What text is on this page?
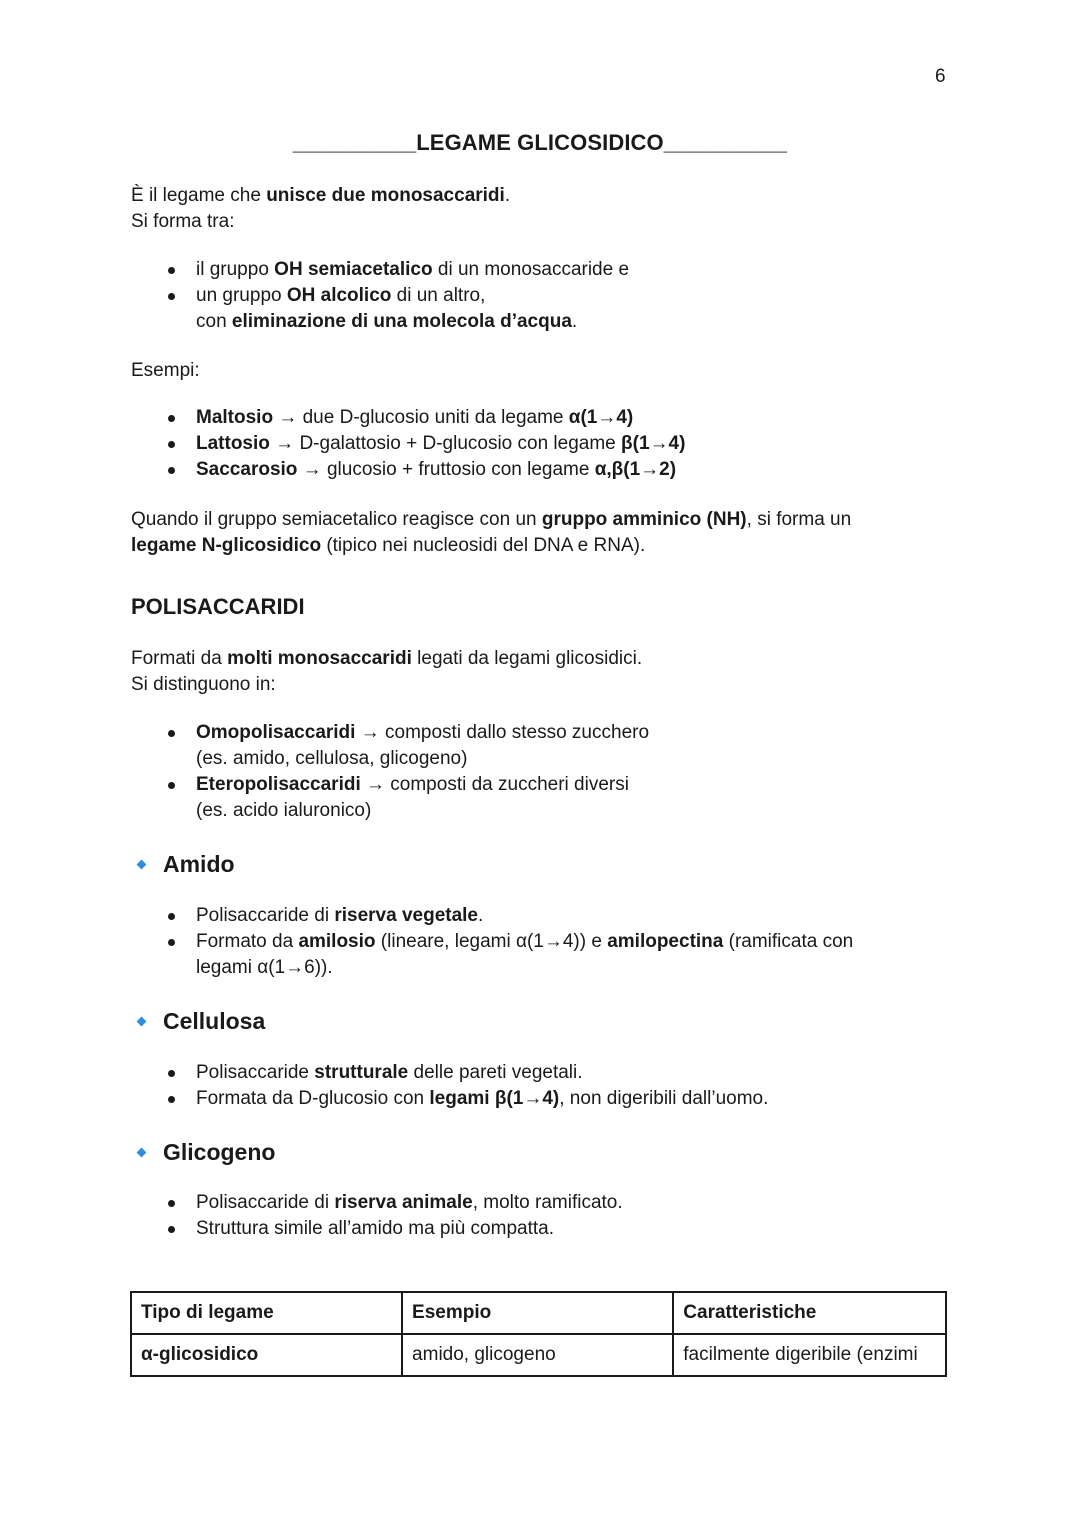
6
__________LEGAME GLICOSIDICO__________
È il legame che unisce due monosaccaridi.
Si forma tra:
il gruppo OH semiacetalico di un monosaccaride e
un gruppo OH alcolico di un altro,
con eliminazione di una molecola d’acqua.
Esempi:
Maltosio → due D-glucosio uniti da legame α(1→4)
Lattosio → D-galattosio + D-glucosio con legame β(1→4)
Saccarosio → glucosio + fruttosio con legame α,β(1→2)
Quando il gruppo semiacetalico reagisce con un gruppo amminico (NH), si forma un
legame N-glicosidico (tipico nei nucleosidi del DNA e RNA).
POLISACCARIDI
Formati da molti monosaccaridi legati da legami glicosidici.
Si distinguono in:
Omopolisaccaridi → composti dallo stesso zucchero
(es. amido, cellulosa, glicogeno)
Eteropolisaccaridi → composti da zuccheri diversi
(es. acido ialuronico)
Amido
Polisaccaride di riserva vegetale.
Formato da amilosio (lineare, legami α(1→4)) e amilopectina (ramificata con
legami α(1→6)).
Cellulosa
Polisaccaride strutturale delle pareti vegetali.
Formata da D-glucosio con legami β(1→4), non digeribili dall’uomo.
Glicogeno
Polisaccaride di riserva animale, molto ramificato.
Struttura simile all’amido ma più compatta.
Tipo di legame	Esempio	Caratteristiche
α-glicosidico	amido, glicogeno	facilmente digeribile (enzimi
